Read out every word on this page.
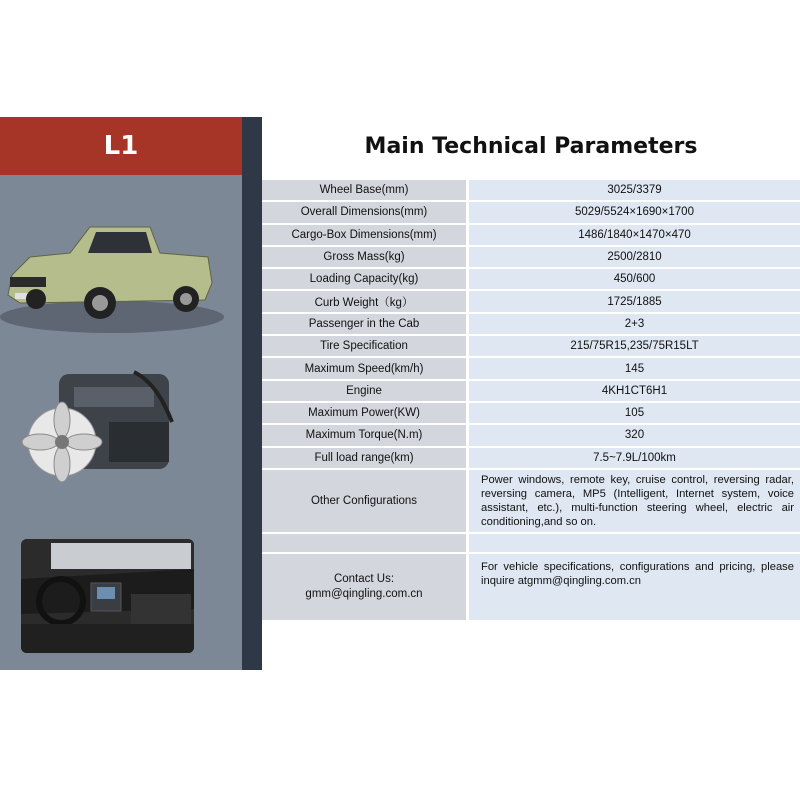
L1	Main Technical Parameters
Wheel Base(mm)	3025/3379
Overall Dimensions(mm)	5029/5524×1690×1700
Cargo-Box Dimensions(mm)	1486/1840×1470×470
Gross Mass(kg)	2500/2810
Loading Capacity(kg)	450/600
Curb Weight（kg）	1725/1885
Passenger in the Cab	2+3
Tire Specification	215/75R15,235/75R15LT
Maximum Speed(km/h)	145
Engine	4KH1CT6H1
Maximum Power(KW)	105
Maximum Torque(N.m)	320
Full load range(km)	7.5~7.9L/100km
Other Configurations	Power windows, remote key, cruise control, reversing radar, reversing camera, MP5 (Intelligent, Internet system, voice assistant, etc.), multi-function steering wheel, electric air conditioning,and so on.

Contact Us:
gmm@qingling.com.cn	For vehicle specifications, configurations and pricing, please inquire atgmm@qingling.com.cn
